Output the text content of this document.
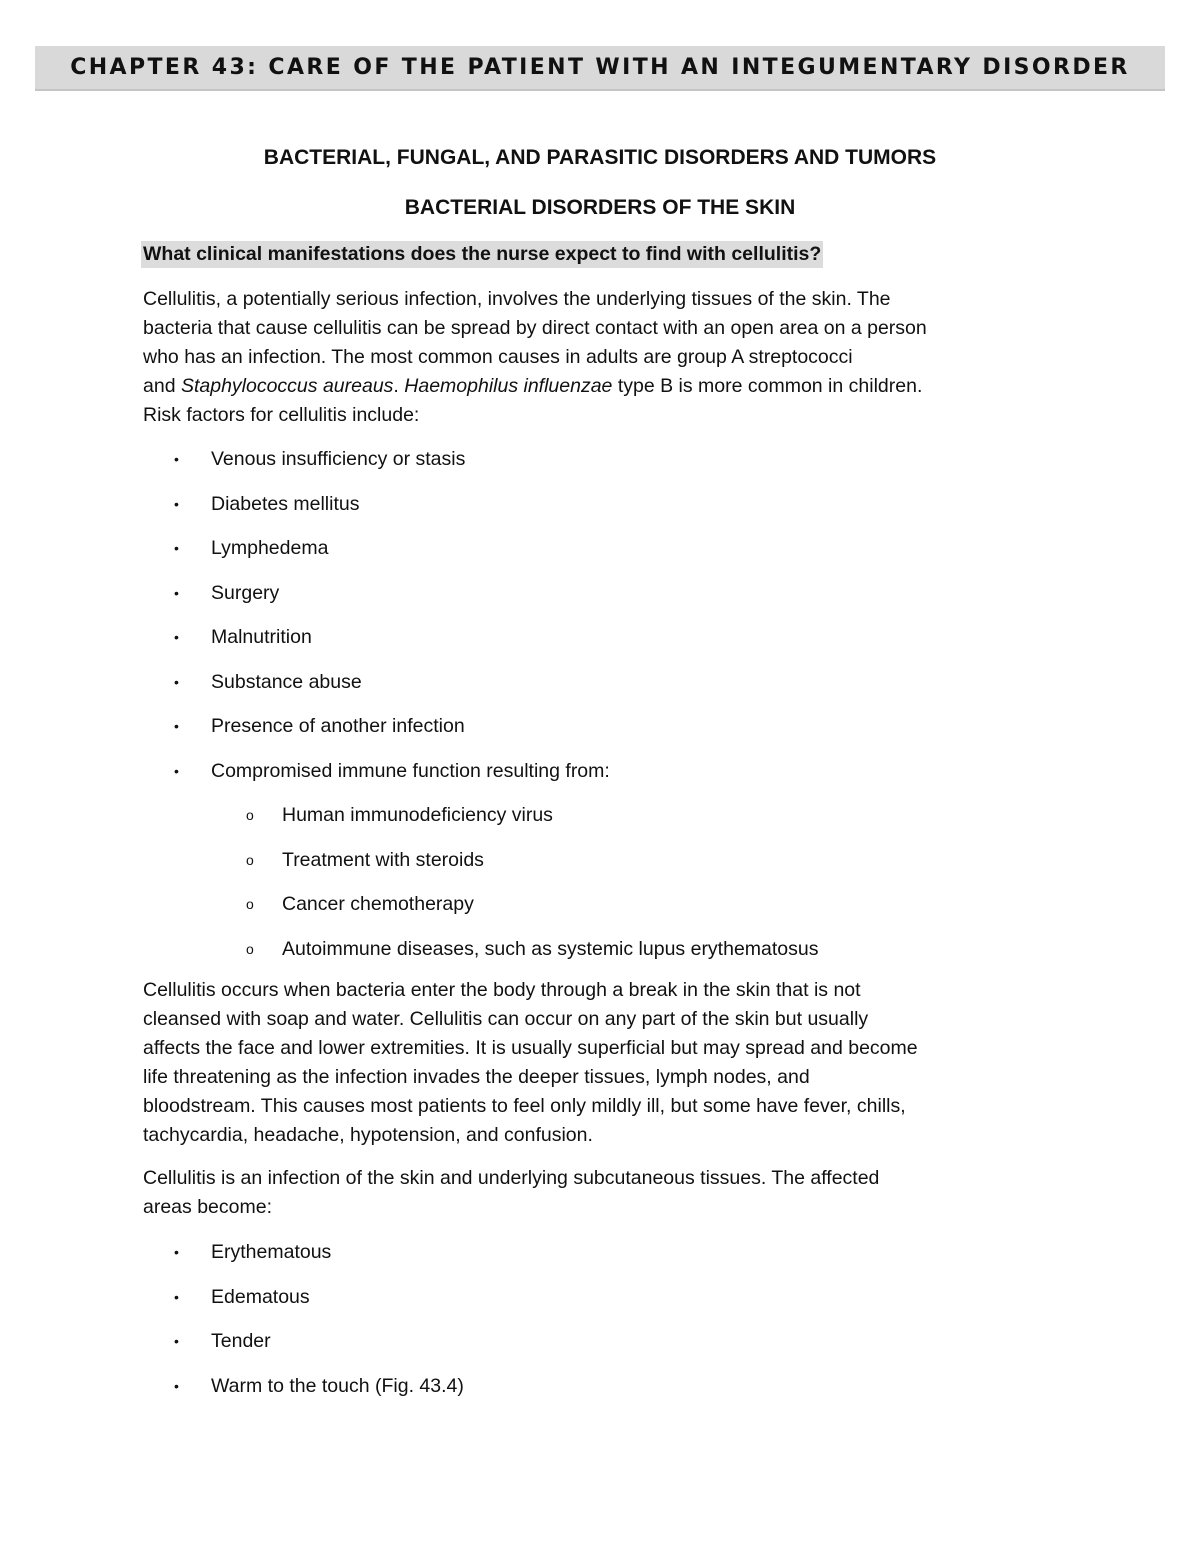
CHAPTER 43: CARE OF THE PATIENT WITH AN INTEGUMENTARY DISORDER
BACTERIAL, FUNGAL, AND PARASITIC DISORDERS AND TUMORS
BACTERIAL DISORDERS OF THE SKIN
What clinical manifestations does the nurse expect to find with cellulitis?

Cellulitis, a potentially serious infection, involves the underlying tissues of the skin. The
bacteria that cause cellulitis can be spread by direct contact with an open area on a person
who has an infection. The most common causes in adults are group A streptococci
and Staphylococcus aureaus. Haemophilus influenzae type B is more common in children.
Risk factors for cellulitis include:

• Venous insufficiency or stasis
• Diabetes mellitus
• Lymphedema
• Surgery
• Malnutrition
• Substance abuse
• Presence of another infection
• Compromised immune function resulting from:
o Human immunodeficiency virus
o Treatment with steroids
o Cancer chemotherapy
o Autoimmune diseases, such as systemic lupus erythematosus

Cellulitis occurs when bacteria enter the body through a break in the skin that is not
cleansed with soap and water. Cellulitis can occur on any part of the skin but usually
affects the face and lower extremities. It is usually superficial but may spread and become
life threatening as the infection invades the deeper tissues, lymph nodes, and
bloodstream. This causes most patients to feel only mildly ill, but some have fever, chills,
tachycardia, headache, hypotension, and confusion.

Cellulitis is an infection of the skin and underlying subcutaneous tissues. The affected
areas become:

• Erythematous
• Edematous
• Tender
• Warm to the touch (Fig. 43.4)
